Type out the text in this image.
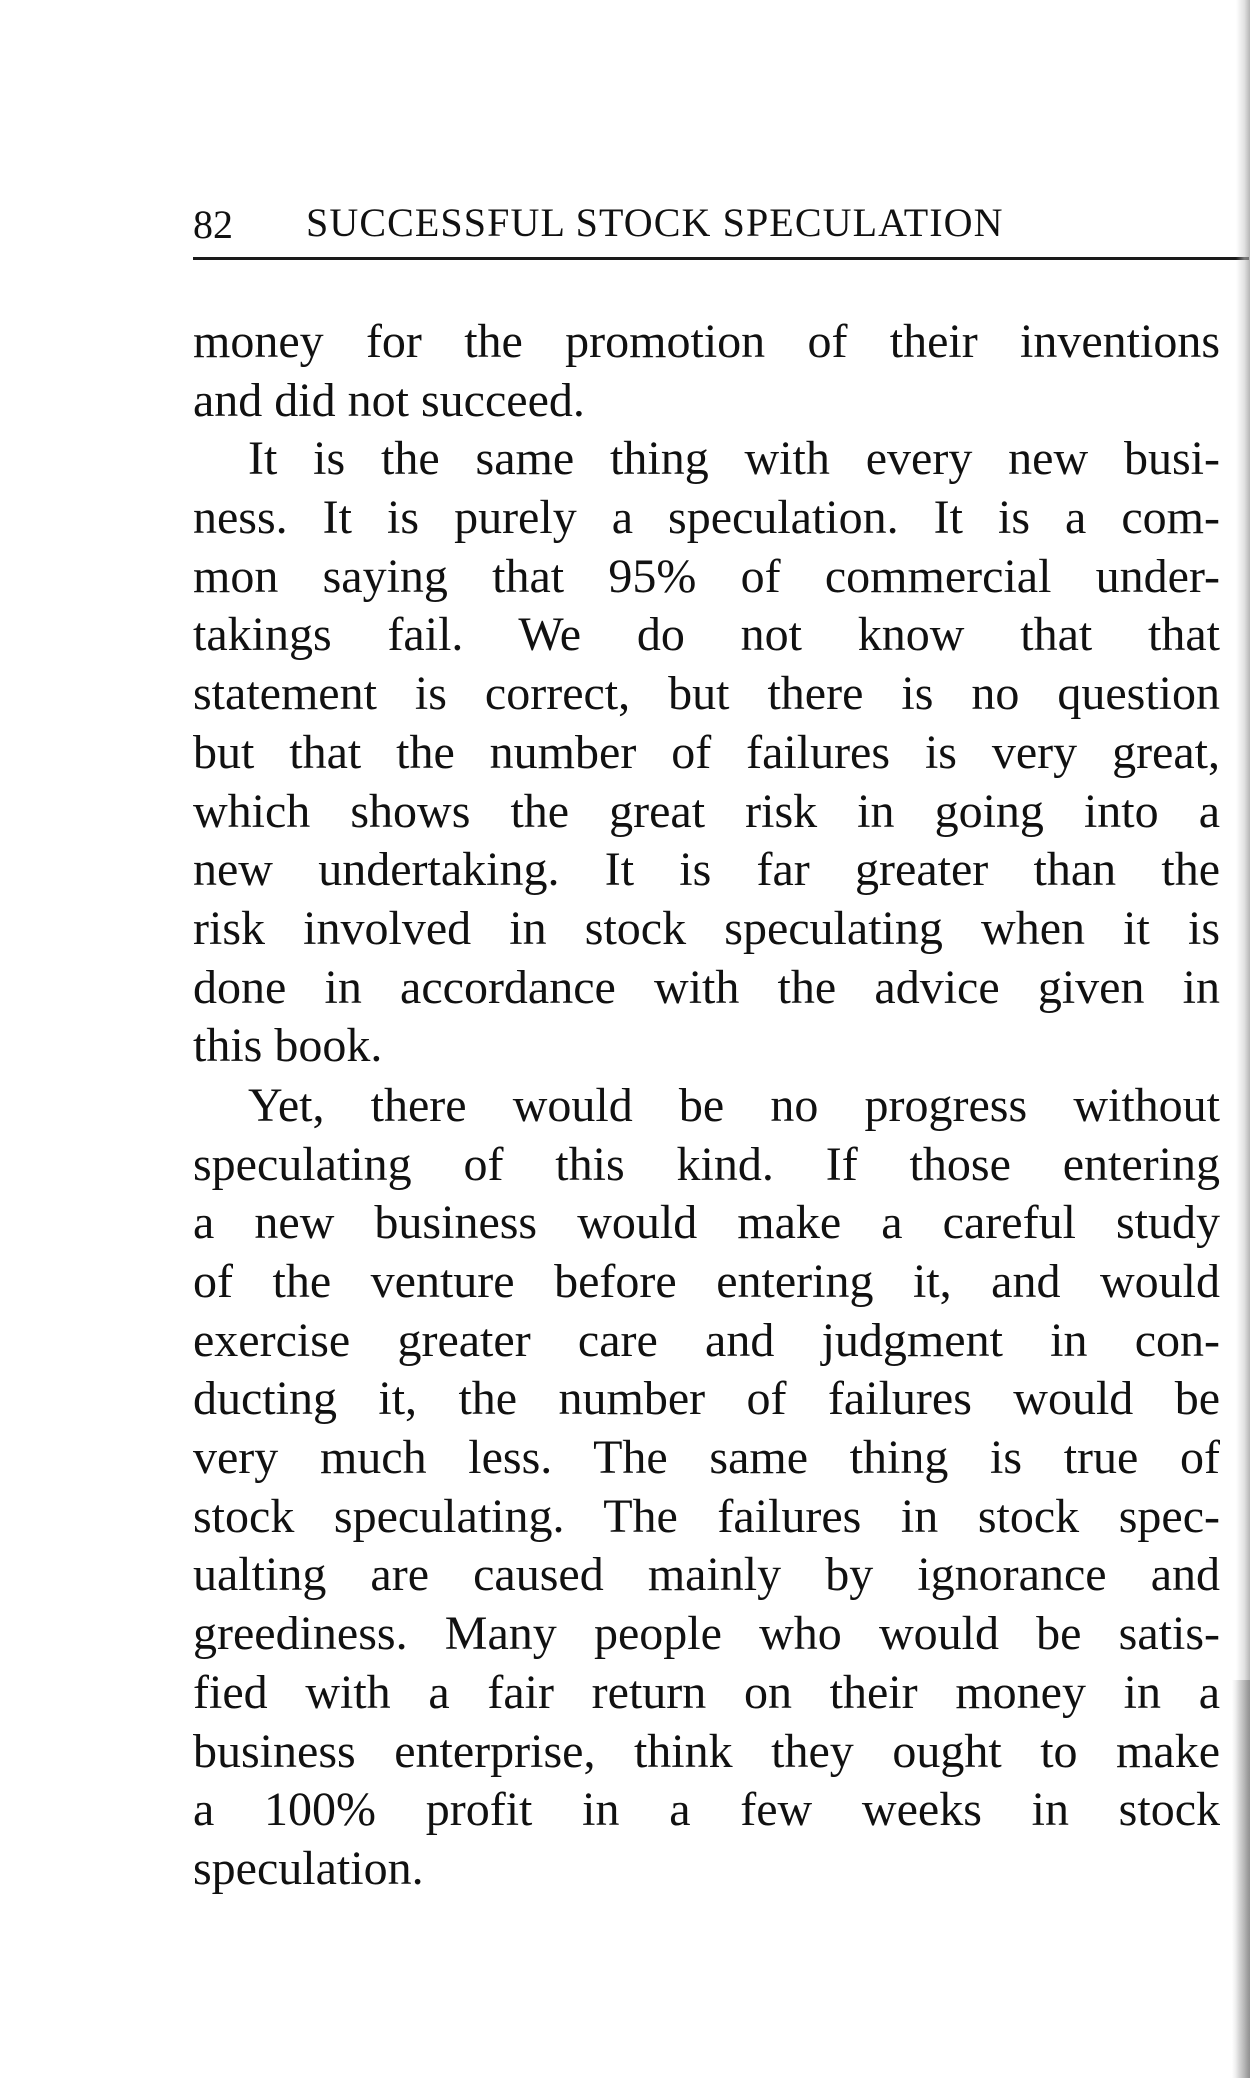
82 SUCCESSFUL STOCK SPECULATION
money for the promotion of their inventions
and did not succeed.
It is the same thing with every new busi-
ness. It is purely a speculation. It is a com-
mon saying that 95% of commercial under-
takings fail. We do not know that that
statement is correct, but there is no question
but that the number of failures is very great,
which shows the great risk in going into a
new undertaking. It is far greater than the
risk involved in stock speculating when it is
done in accordance with the advice given in
this book.
Yet, there would be no progress without
speculating of this kind. If those entering
a new business would make a careful study
of the venture before entering it, and would
exercise greater care and judgment in con-
ducting it, the number of failures would be
very much less. The same thing is true of
stock speculating. The failures in stock spec-
ualting are caused mainly by ignorance and
greediness. Many people who would be satis-
fied with a fair return on their money in a
business enterprise, think they ought to make
a 100% profit in a few weeks in stock
speculation.
